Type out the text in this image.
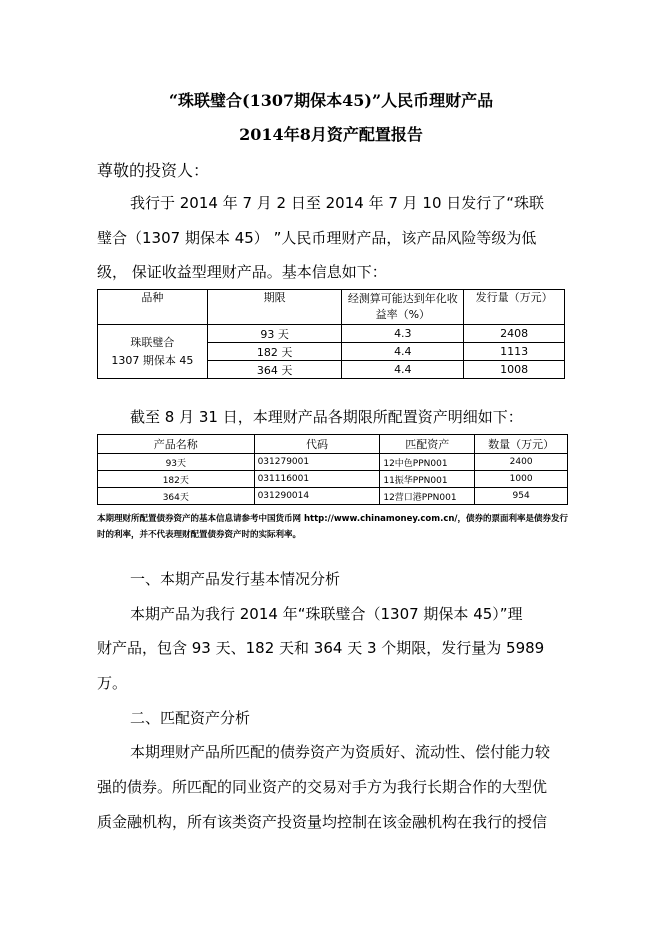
“珠联璧合(1307期保本45)”人民币理财产品
2014年8月资产配置报告
尊敬的投资人：
我行于 2014 年 7 月 2 日至 2014 年 7 月 10 日发行了“珠联
璧合（1307 期保本 45） ”人民币理财产品，该产品风险等级为低
级， 保证收益型理财产品。基本信息如下：
品种	期限	经测算可能达到年化收益率（%）	发行量（万元）
珠联璧合
1307 期保本 45	93 天	4.3	2408
	182 天	4.4	1113
	364 天	4.4	1008
截至 8 月 31 日，本理财产品各期限所配置资产明细如下：
产品名称	代码	匹配资产	数量（万元）
93天	031279001	12中色PPN001	2400
182天	031116001	11振华PPN001	1000
364天	031290014	12营口港PPN001	954
本期理财所配置债券资产的基本信息请参考中国货币网 http://www.chinamoney.com.cn/，债券的票面利率是债券发行时的利率，并不代表理财配置债券资产时的实际利率。
一、本期产品发行基本情况分析
本期产品为我行 2014 年“珠联璧合（1307 期保本 45）”理
财产品，包含 93 天、182 天和 364 天 3 个期限，发行量为 5989
万。
二、匹配资产分析
本期理财产品所匹配的债券资产为资质好、流动性、偿付能力较
强的债券。所匹配的同业资产的交易对手方为我行长期合作的大型优
质金融机构，所有该类资产投资量均控制在该金融机构在我行的授信
